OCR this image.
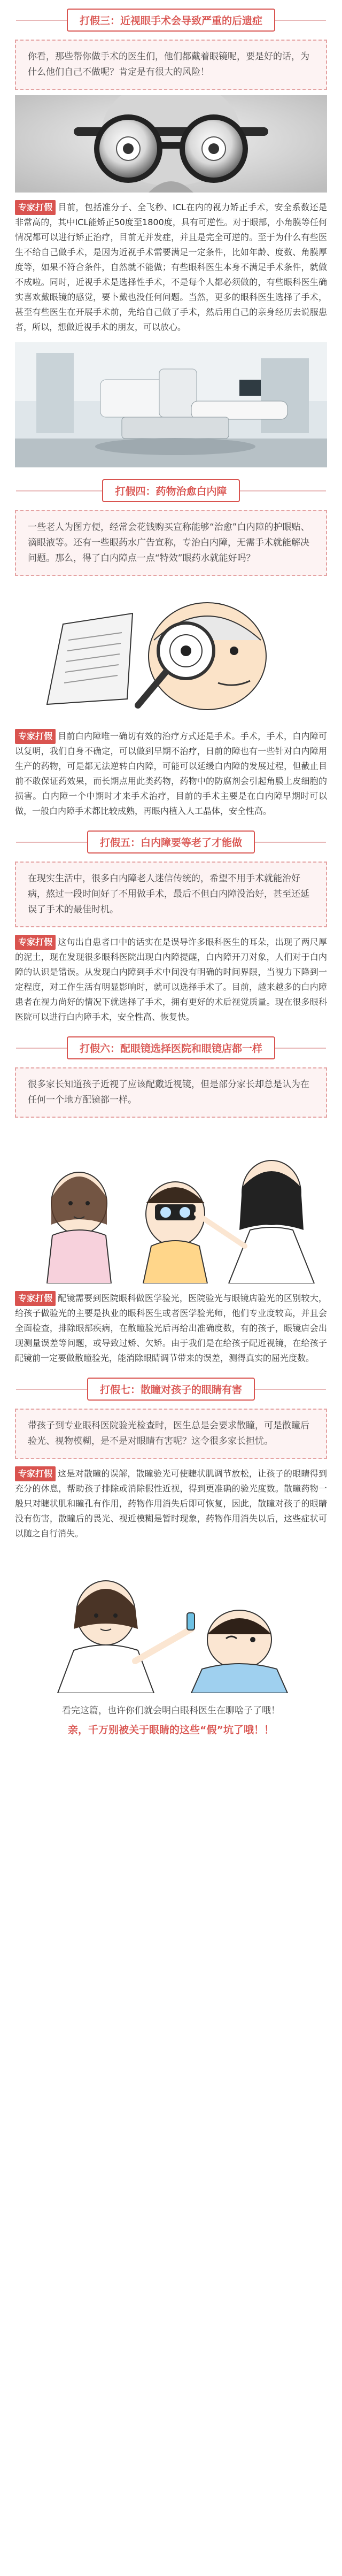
打假三：近视眼手术会导致严重的后遗症
你看，那些帮你做手术的医生们，他们都戴着眼镜呢，要是好的话，为什么他们自己不做呢？肯定是有很大的风险！
专家打假 目前，包括准分子、全飞秒、ICL在内的视力矫正手术，安全系数还是非常高的，其中ICL能矫正50度至1800度，具有可逆性。对于眼部，小角膜等任何情况都可以进行矫正治疗，目前无并发症，并且是完全可逆的。至于为什么有些医生不给自己做手术，是因为近视手术需要满足一定条件，比如年龄、度数、角膜厚度等，如果不符合条件，自然就不能做；有些眼科医生本身不满足手术条件，就做不成啦。同时，近视手术是选择性手术，不是每个人都必须做的，有些眼科医生确实喜欢戴眼镜的感觉，要卜戴也没任何问题。当然，更多的眼科医生选择了手术，甚至有些医生在开展手术前，先给自己做了手术，然后用自己的亲身经历去说服患者，所以，想做近视手术的朋友，可以放心。
打假四：药物治愈白内障
一些老人为图方便，经常会花钱购买宣称能够“治愈”白内障的护眼贴、滴眼液等。还有一些眼药水广告宣称，专治白内障，无需手术就能解决问题。那么，得了白内障点一点“特效”眼药水就能好吗？
专家打假 目前白内障唯一确切有效的治疗方式还是手术。手术，手术，白内障可以复明，我们自身不确定，可以做到早期不治疗，日前的障也有一些针对白内障用生产的药物，可是都无法逆转白内障，可能可以延缓白内障的发展过程，但截止目前不敢保证药效果，而长期点用此类药物，药物中的防腐剂会引起角膜上皮细胞的损害。白内障一个中期时才来手术治疗，目前的手术主要是在白内障早期时可以做，一般白内障手术都比较成熟，再眼内植入人工晶体，安全性高。
打假五：白内障要等老了才能做
在现实生活中，很多白内障老人迷信传统的，希望不用手术就能治好病，熬过一段时间好了不用做手术，最后不但白内障没治好，甚至还延误了手术的最佳时机。
专家打假 这句出自患者口中的话实在是误导许多眼科医生的耳朵，出现了两尺厚的泥土，现在发现很多眼科医院出现白内障提醒，白内障开刀对象，人们对于白内障的认识是错误。从发现白内障到手术中间没有明确的时间界限，当视力下降到一定程度，对工作生活有明显影响时，就可以选择手术了。目前，越来越多的白内障患者在视力尚好的情况下就选择了手术，拥有更好的术后视觉质量。现在很多眼科医院可以进行白内障手术，安全性高、恢复快。
打假六：配眼镜选择医院和眼镜店都一样
很多家长知道孩子近视了应该配戴近视镜，但是部分家长却总是认为在任何一个地方配镜都一样。
专家打假 配镜需要到医院眼科做医学验光，医院验光与眼镜店验光的区别较大，给孩子做验光的主要是执业的眼科医生或者医学验光师，他们专业度较高，并且会全面检查，排除眼部疾病，在散瞳验光后再给出准确度数，有的孩子，眼镜店会出现测量误差等问题，或导致过矫、欠矫。由于我们是在给孩子配近视镜，在给孩子配镜前一定要做散瞳验光，能消除眼睛调节带来的误差，测得真实的屈光度数。
打假七：散瞳对孩子的眼睛有害
带孩子到专业眼科医院验光检查时，医生总是会要求散瞳，可是散瞳后验光、视物模糊，是不是对眼睛有害呢？这令很多家长担忧。
专家打假 这是对散瞳的误解，散瞳验光可使睫状肌调节放松，让孩子的眼睛得到充分的休息，帮助孩子排除或消除假性近视，得到更准确的验光度数。散瞳药物一般只对睫状肌和瞳孔有作用，药物作用消失后即可恢复，因此，散瞳对孩子的眼睛没有伤害，散瞳后的畏光、视近模糊是暂时现象，药物作用消失以后，这些症状可以随之自行消失。
看完这篇，也许你们就会明白眼科医生在聊啥子了哦！
亲，千万别被关于眼睛的这些“假”坑了哦！！
